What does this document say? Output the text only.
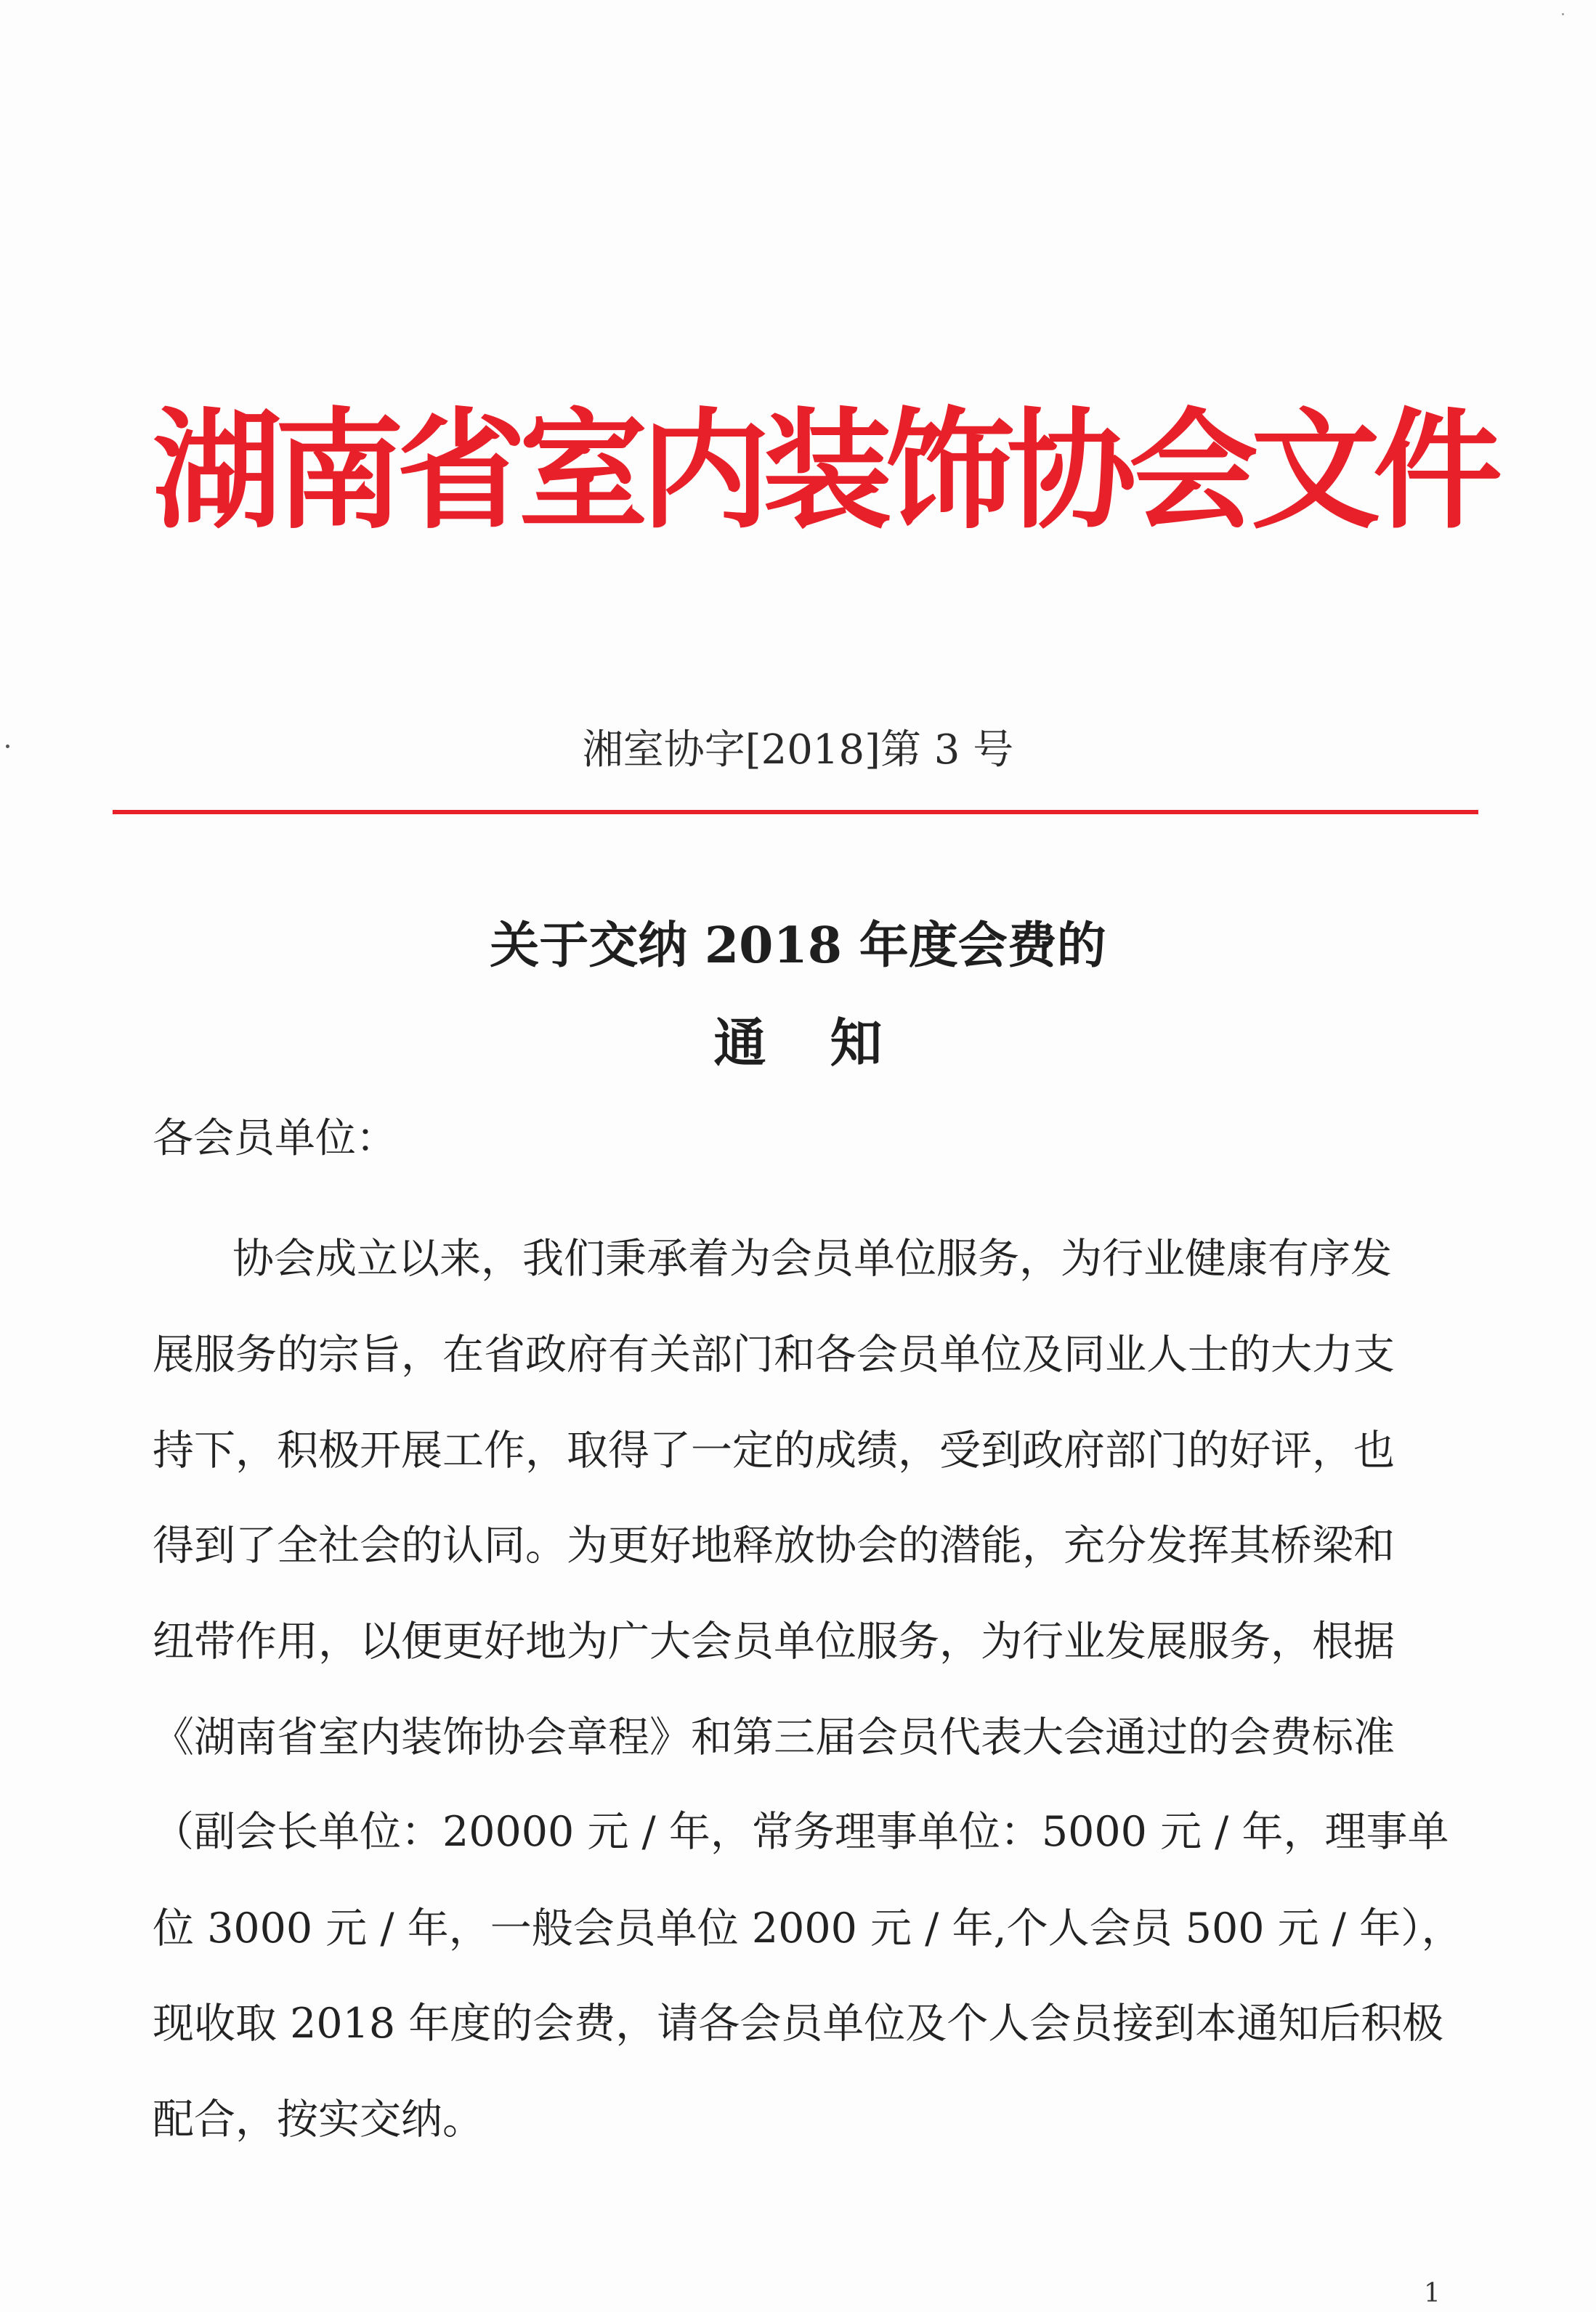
湖南省室内装饰协会文件
湘室协字[2018]第 3 号
关于交纳 2018 年度会费的
通知
各会员单位：
协会成立以来，我们秉承着为会员单位服务，为行业健康有序发
展服务的宗旨，在省政府有关部门和各会员单位及同业人士的大力支
持下，积极开展工作，取得了一定的成绩，受到政府部门的好评，也
得到了全社会的认同。为更好地释放协会的潜能，充分发挥其桥梁和
纽带作用，以便更好地为广大会员单位服务，为行业发展服务，根据
《湖南省室内装饰协会章程》和第三届会员代表大会通过的会费标准
（副会长单位：20000 元 / 年，常务理事单位：5000 元 / 年，理事单
位 3000 元 / 年，一般会员单位 2000 元 / 年,个人会员 500 元 / 年），
现收取 2018 年度的会费，请各会员单位及个人会员接到本通知后积极
配合，按实交纳。
1
